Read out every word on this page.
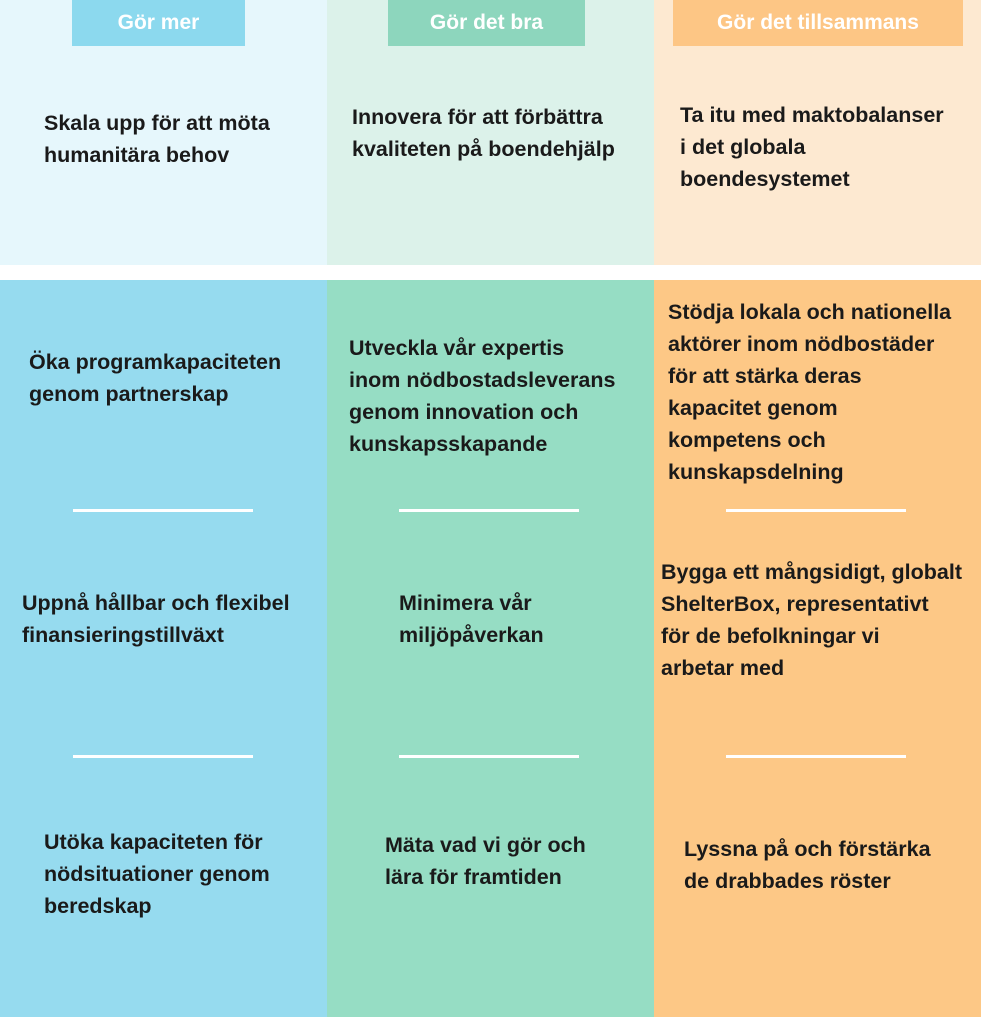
Gör mer	Gör det bra	Gör det tillsammans
Skala upp för att möta
humanitära behov
Innovera för att förbättra
kvaliteten på boendehjälp
Ta itu med maktobalanser
i det globala
boendesystemet
Öka programkapaciteten
genom partnerskap
Uppnå hållbar och flexibel
finansieringstillväxt
Utöka kapaciteten för
nödsituationer genom
beredskap
Utveckla vår expertis
inom nödbostadsleverans
genom innovation och
kunskapsskapande
Minimera vår
miljöpåverkan
Mäta vad vi gör och
lära för framtiden
Stödja lokala och nationella
aktörer inom nödbostäder
för att stärka deras
kapacitet genom
kompetens och
kunskapsdelning
Bygga ett mångsidigt, globalt
ShelterBox, representativt
för de befolkningar vi
arbetar med
Lyssna på och förstärka
de drabbades röster
